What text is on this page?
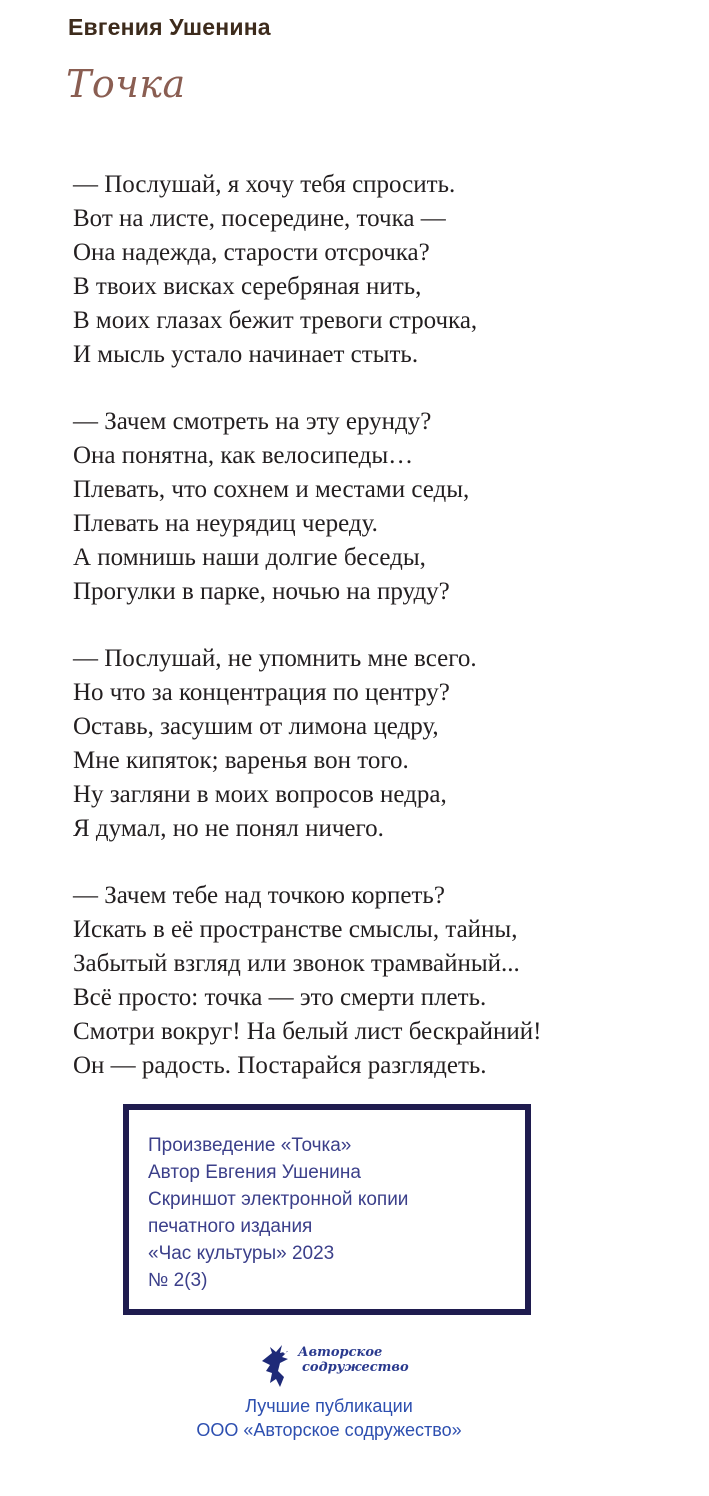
Евгения Ушенина
Точка
— Послушай, я хочу тебя спросить.
Вот на листе, посередине, точка —
Она надежда, старости отсрочка?
В твоих висках серебряная нить,
В моих глазах бежит тревоги строчка,
И мысль устало начинает стыть.
— Зачем смотреть на эту ерунду?
Она понятна, как велосипеды…
Плевать, что сохнем и местами седы,
Плевать на неурядиц череду.
А помнишь наши долгие беседы,
Прогулки в парке, ночью на пруду?
— Послушай, не упомнить мне всего.
Но что за концентрация по центру?
Оставь, засушим от лимона цедру,
Мне кипяток; варенья вон того.
Ну загляни в моих вопросов недра,
Я думал, но не понял ничего.
— Зачем тебе над точкою корпеть?
Искать в её пространстве смыслы, тайны,
Забытый взгляд или звонок трамвайный...
Всё просто: точка — это смерти плеть.
Смотри вокруг! На белый лист бескрайний!
Он — радость. Постарайся разглядеть.
Произведение «Точка»
Автор Евгения Ушенина
Скриншот электронной копии
печатного издания
«Час культуры» 2023
№ 2(3)
Авторское
содружество
Лучшие публикации
ООО «Авторское содружество»
